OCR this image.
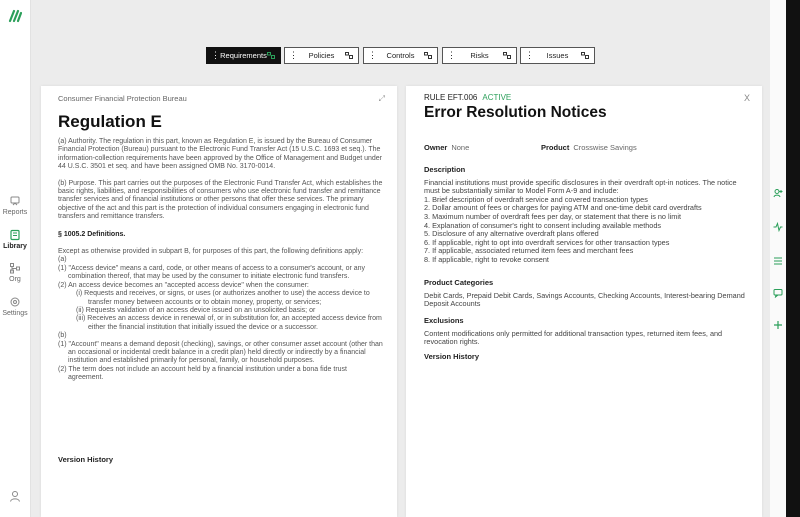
Reports
Library
Org
Settings
⋮ Requirements	⋮	Policies	⋮	Controls	⋮	Risks	⋮	Issues
Consumer Financial Protection Bureau	⤢
Regulation E

(a) Authority. The regulation in this part, known as Regulation E, is issued by the Bureau of Consumer Financial Protection (Bureau) pursuant to the Electronic Fund Transfer Act (15 U.S.C. 1693 et seq.). The information-collection requirements have been approved by the Office of Management and Budget under 44 U.S.C. 3501 et seq. and have been assigned OMB No. 3170-0014.

(b) Purpose. This part carries out the purposes of the Electronic Fund Transfer Act, which establishes the basic rights, liabilities, and responsibilities of consumers who use electronic fund transfer and remittance transfer services and of financial institutions or other persons that offer these services. The primary objective of the act and this part is the protection of individual consumers engaging in electronic fund transfers and remittance transfers.

§ 1005.2 Definitions.

Except as otherwise provided in subpart B, for purposes of this part, the following definitions apply:

(a)

(1) "Access device" means a card, code, or other means of access to a consumer's account, or any combination thereof, that may be used by the consumer to initiate electronic fund transfers.

(2) An access device becomes an "accepted access device" when the consumer:

(i) Requests and receives, or signs, or uses (or authorizes another to use) the access device to transfer money between accounts or to obtain money, property, or services;

(ii) Requests validation of an access device issued on an unsolicited basis; or

(iii) Receives an access device in renewal of, or in substitution for, an accepted access device from either the financial institution that initially issued the device or a successor.

(b)

(1) "Account" means a demand deposit (checking), savings, or other consumer asset account (other than an occasional or incidental credit balance in a credit plan) held directly or indirectly by a financial institution and established primarily for personal, family, or household purposes.

(2) The term does not include an account held by a financial institution under a bona fide trust agreement.

Version History
RULE EFT.006 ACTIVE	X
Error Resolution Notices
Owner None	Product Crosswise Savings
Description

Financial institutions must provide specific disclosures in their overdraft opt-in notices. The notice must be substantially similar to Model Form A-9 and include:

1. Brief description of overdraft service and covered transaction types

2. Dollar amount of fees or charges for paying ATM and one-time debit card overdrafts

3. Maximum number of overdraft fees per day, or statement that there is no limit

4. Explanation of consumer's right to consent including available methods

5. Disclosure of any alternative overdraft plans offered

6. If applicable, right to opt into overdraft services for other transaction types

7. If applicable, associated returned item fees and merchant fees

8. If applicable, right to revoke consent

Product Categories

Debit Cards, Prepaid Debit Cards, Savings Accounts, Checking Accounts, Interest-bearing Demand Deposit Accounts

Exclusions

Content modifications only permitted for additional transaction types, returned item fees, and revocation rights.

Version History
